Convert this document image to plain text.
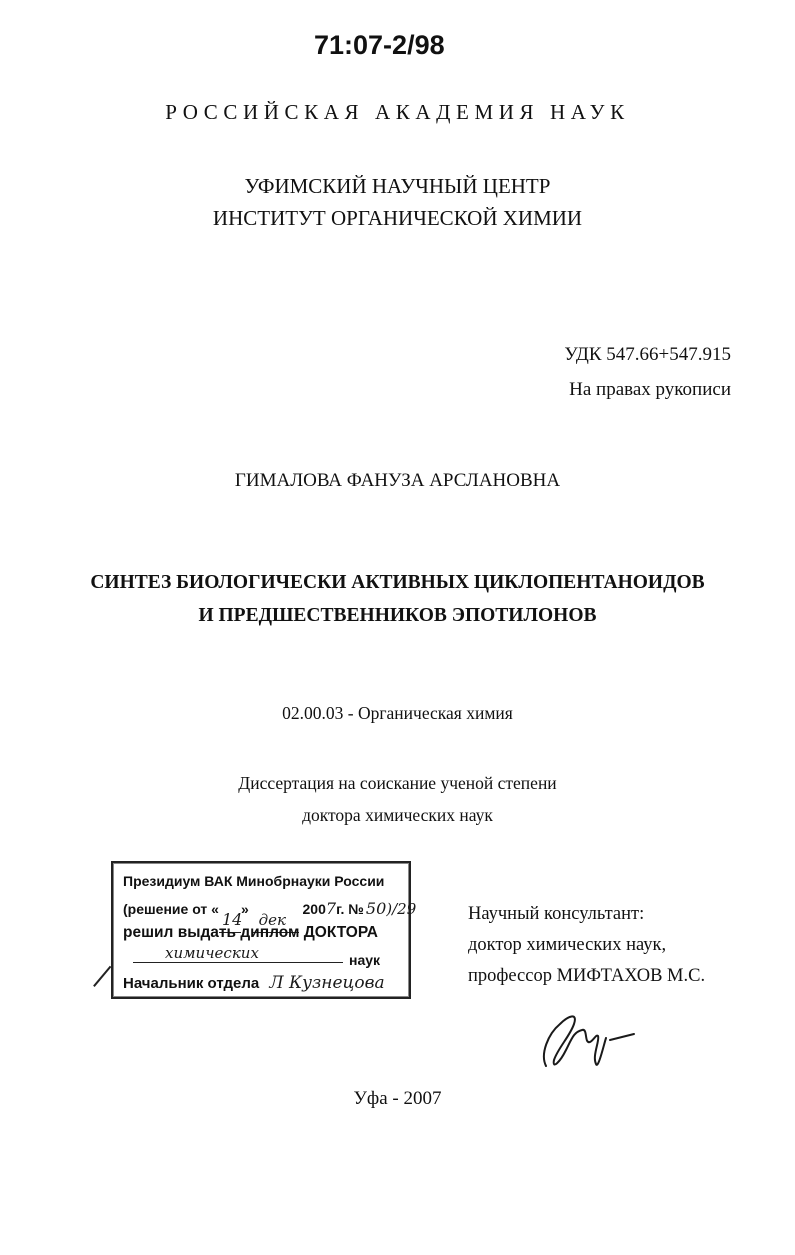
71:07-2/98
РОССИЙСКАЯ АКАДЕМИЯ НАУК
УФИМСКИЙ НАУЧНЫЙ ЦЕНТР
ИНСТИТУТ ОРГАНИЧЕСКОЙ ХИМИИ
УДК 547.66+547.915
На правах рукописи
ГИМАЛОВА ФАНУЗА АРСЛАНОВНА
СИНТЕЗ БИОЛОГИЧЕСКИ АКТИВНЫХ ЦИКЛОПЕНТАНОИДОВ
И ПРЕДШЕСТВЕННИКОВ ЭПОТИЛОНОВ
02.00.03 - Органическая химия
Диссертация на соискание ученой степени
доктора химических наук
Президиум ВАК Минобрнауки России
(решение от «
14
»
дек
2007г. № 50)/29
решил выдать диплом ДОКТОРА
химических	наук
Начальник отдела Л Кузнецова
Научный консультант:
доктор химических наук,
профессор МИФТАХОВ М.С.
Уфа - 2007
